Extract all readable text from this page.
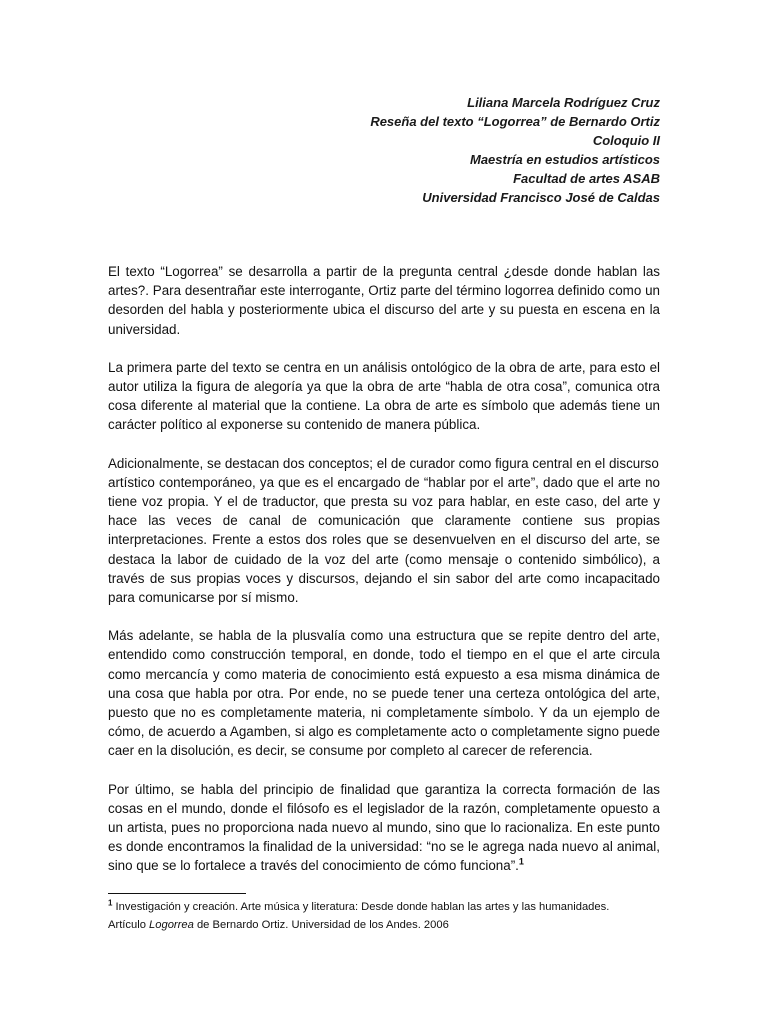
Liliana Marcela Rodríguez Cruz
Reseña del texto “Logorrea” de Bernardo Ortiz
Coloquio II
Maestría en estudios artísticos
Facultad de artes ASAB
Universidad Francisco José de Caldas

El texto “Logorrea” se desarrolla a partir de la pregunta central ¿desde donde hablan las artes?. Para desentrañar este interrogante, Ortiz parte del término logorrea definido como un desorden del habla y posteriormente ubica el discurso del arte y su puesta en escena en la universidad.

La primera parte del texto se centra en un análisis ontológico de la obra de arte, para esto el autor utiliza la figura de alegoría ya que la obra de arte “habla de otra cosa”, comunica otra cosa diferente al material que la contiene. La obra de arte es símbolo que además tiene un carácter político al exponerse su contenido de manera pública.

Adicionalmente, se destacan dos conceptos; el de curador como figura central en el discurso
artístico contemporáneo, ya que es el encargado de “hablar por el arte”, dado que el arte no tiene voz propia. Y el de traductor, que presta su voz para hablar, en este caso, del arte y hace las veces de canal de comunicación que claramente contiene sus propias interpretaciones. Frente a estos dos roles que se desenvuelven en el discurso del arte, se destaca la labor de cuidado de la voz del arte (como mensaje o contenido simbólico), a través de sus propias voces y discursos, dejando el sin sabor del arte como incapacitado para comunicarse por sí mismo.

Más adelante, se habla de la plusvalía como una estructura que se repite dentro del arte, entendido como construcción temporal, en donde, todo el tiempo en el que el arte circula como mercancía y como materia de conocimiento está expuesto a esa misma dinámica de una cosa que habla por otra. Por ende, no se puede tener una certeza ontológica del arte, puesto que no es completamente materia, ni completamente símbolo. Y da un ejemplo de cómo, de acuerdo a Agamben, si algo es completamente acto o completamente signo puede caer en la disolución, es decir, se consume por completo al carecer de referencia.

Por último, se habla del principio de finalidad que garantiza la correcta formación de las cosas en el mundo, donde el filósofo es el legislador de la razón, completamente opuesto a un artista, pues no proporciona nada nuevo al mundo, sino que lo racionaliza. En este punto es donde encontramos la finalidad de la universidad: “no se le agrega nada nuevo al animal, sino que se lo fortalece a través del conocimiento de cómo funciona”.$^1$

$^1$ Investigación y creación. Arte música y literatura: Desde donde hablan las artes y las humanidades.
Artículo Logorrea de Bernardo Ortiz. Universidad de los Andes. 2006
